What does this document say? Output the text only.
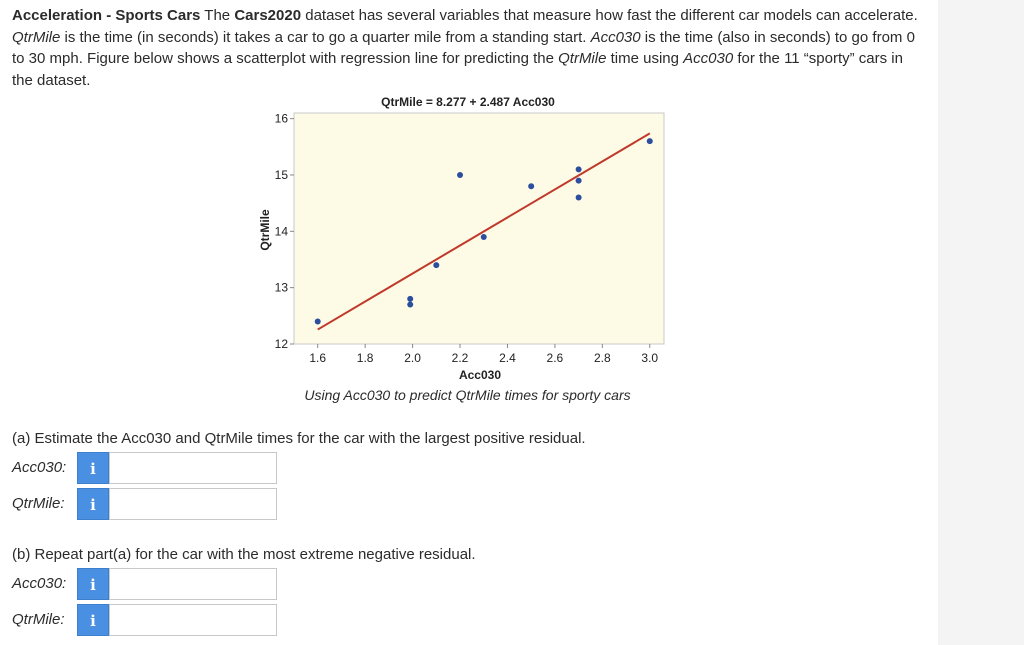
Acceleration - Sports Cars The Cars2020 dataset has several variables that measure how fast the different car models can accelerate. QtrMile is the time (in seconds) it takes a car to go a quarter mile from a standing start. Acc030 is the time (also in seconds) to go from 0 to 30 mph. Figure below shows a scatterplot with regression line for predicting the QtrMile time using Acc030 for the 11 “sporty” cars in the dataset.
QtrMile = 8.277 + 2.487 Acc030
12
13
14
15
16
1.6	1.8	2.0	2.2	2.4	2.6	2.8	3.0
Acc030
QtrMile
Using Acc030 to predict QtrMile times for sporty cars
(a) Estimate the Acc030 and QtrMile times for the car with the largest positive residual.
Acc030:	i
QtrMile:	i
(b) Repeat part(a) for the car with the most extreme negative residual.
Acc030:	i
QtrMile:	i
